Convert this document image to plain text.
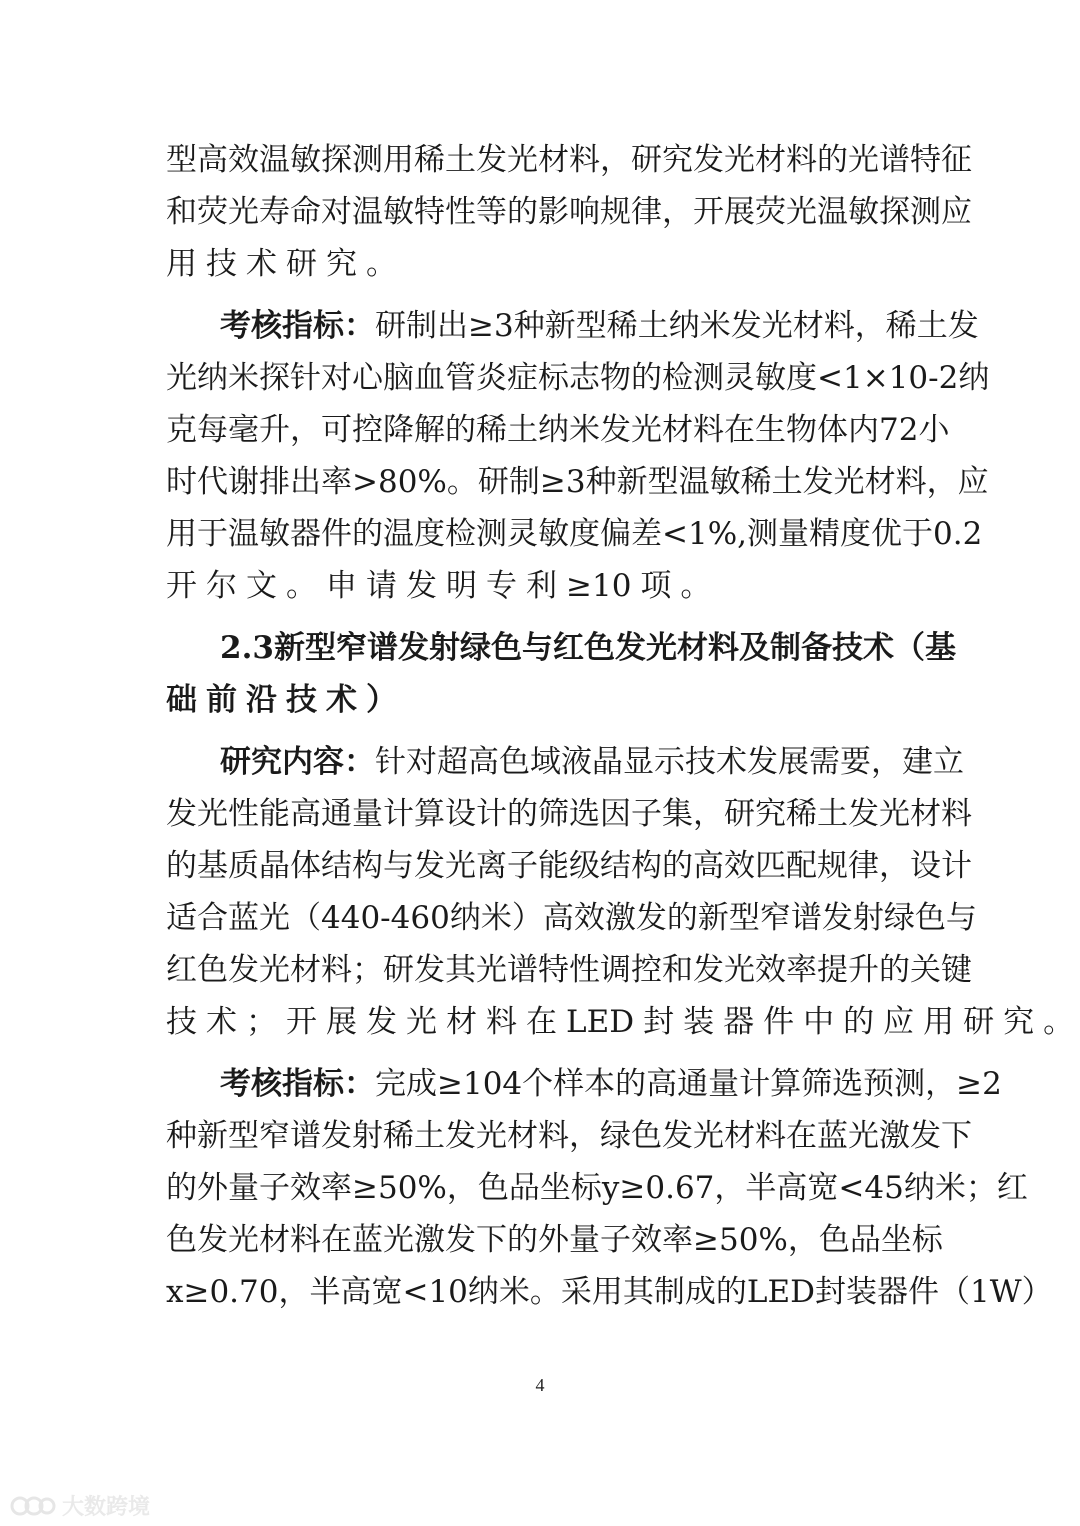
型 高 效 温 敏 探 测 用 稀 土 发 光 材 料 ， 研 究 发 光 材 料 的 光 谱 特 征
和 荧 光 寿 命 对 温 敏 特 性 等 的 影 响 规 律 ， 开 展 荧 光 温 敏 探 测 应
用 技 术 研 究 。
考 核 指 标 ： 研 制 出 ≥3 种 新 型 稀 土 纳 米 发 光 材 料 ， 稀 土 发
光 纳 米 探 针 对 心 脑 血 管 炎 症 标 志 物 的 检 测 灵 敏 度 <1×10-2 纳
克 每 毫 升 ， 可 控 降 解 的 稀 土 纳 米 发 光 材 料 在 生 物 体 内 72 小
时 代 谢 排 出 率 >80% 。 研 制 ≥3 种 新 型 温 敏 稀 土 发 光 材 料 ， 应
用 于 温 敏 器 件 的 温 度 检 测 灵 敏 度 偏 差 <1% , 测 量 精 度 优 于 0.2
开 尔 文 。 申 请 发 明 专 利 ≥10 项 。
2.3 新 型 窄 谱 发 射 绿 色 与 红 色 发 光 材 料 及 制 备 技 术 （ 基
础 前 沿 技 术 ）
研 究 内 容 ： 针 对 超 高 色 域 液 晶 显 示 技 术 发 展 需 要 ， 建 立
发 光 性 能 高 通 量 计 算 设 计 的 筛 选 因 子 集 ， 研 究 稀 土 发 光 材 料
的 基 质 晶 体 结 构 与 发 光 离 子 能 级 结 构 的 高 效 匹 配 规 律 ， 设 计
适 合 蓝 光 （ 440-460 纳 米 ） 高 效 激 发 的 新 型 窄 谱 发 射 绿 色 与
红 色 发 光 材 料 ； 研 发 其 光 谱 特 性 调 控 和 发 光 效 率 提 升 的 关 键
技 术 ； 开 展 发 光 材 料 在 LED 封 装 器 件 中 的 应 用 研 究 。
考 核 指 标 ： 完 成 ≥104 个 样 本 的 高 通 量 计 算 筛 选 预 测 ， ≥2
种 新 型 窄 谱 发 射 稀 土 发 光 材 料 ， 绿 色 发 光 材 料 在 蓝 光 激 发 下
的 外 量 子 效 率 ≥50% ， 色 品 坐 标 y≥0.67 ， 半 高 宽 <45 纳 米 ； 红
色 发 光 材 料 在 蓝 光 激 发 下 的 外 量 子 效 率 ≥50% ， 色 品 坐 标
x≥0.70 ， 半 高 宽 <10 纳 米 。 采 用 其 制 成 的 LED 封 装 器 件 （ 1W ）
4
大数跨境
